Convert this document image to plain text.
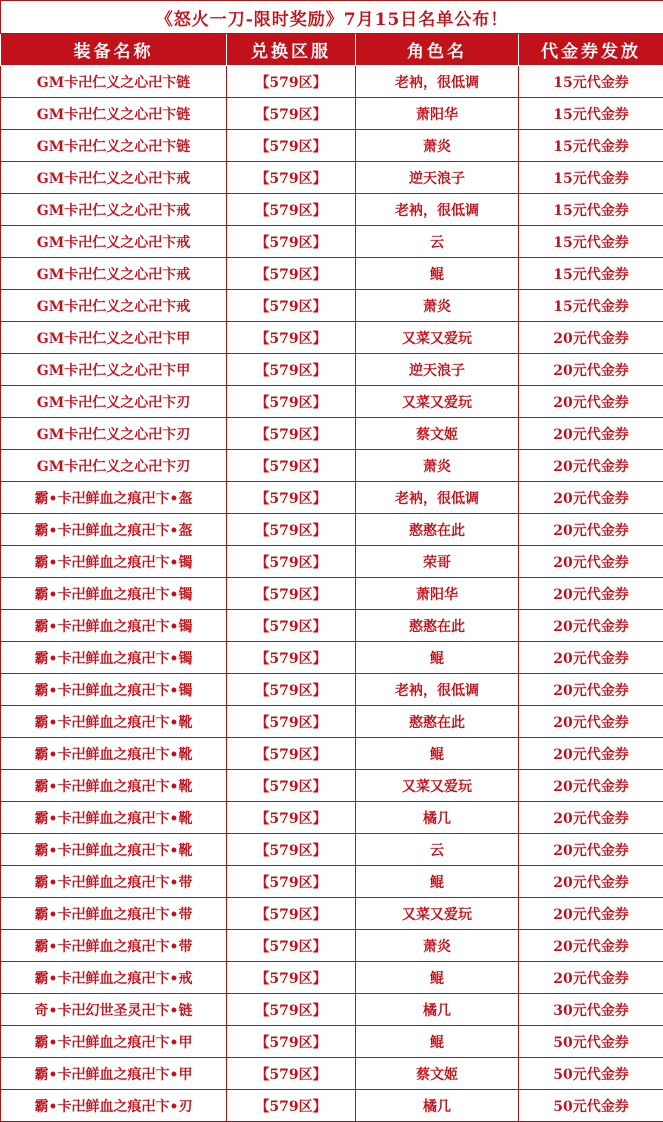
《怒火一刀-限时奖励》7月15日名单公布！			
装备名称	兑换区服	角色名	代金券发放
GM卡卍仁义之心卍卞链	【579区】	老衲，很低调	15元代金券
GM卡卍仁义之心卍卞链	【579区】	萧阳华	15元代金券
GM卡卍仁义之心卍卞链	【579区】	萧炎	15元代金券
GM卡卍仁义之心卍卞戒	【579区】	逆天浪子	15元代金券
GM卡卍仁义之心卍卞戒	【579区】	老衲，很低调	15元代金券
GM卡卍仁义之心卍卞戒	【579区】	云	15元代金券
GM卡卍仁义之心卍卞戒	【579区】	鲲	15元代金券
GM卡卍仁义之心卍卞戒	【579区】	萧炎	15元代金券
GM卡卍仁义之心卍卞甲	【579区】	又菜又爱玩	20元代金券
GM卡卍仁义之心卍卞甲	【579区】	逆天浪子	20元代金券
GM卡卍仁义之心卍卞刃	【579区】	又菜又爱玩	20元代金券
GM卡卍仁义之心卍卞刃	【579区】	蔡文姬	20元代金券
GM卡卍仁义之心卍卞刃	【579区】	萧炎	20元代金券
霸•卡卍鲜血之痕卍卞•盔	【579区】	老衲，很低调	20元代金券
霸•卡卍鲜血之痕卍卞•盔	【579区】	憨憨在此	20元代金券
霸•卡卍鲜血之痕卍卞•镯	【579区】	荣哥	20元代金券
霸•卡卍鲜血之痕卍卞•镯	【579区】	萧阳华	20元代金券
霸•卡卍鲜血之痕卍卞•镯	【579区】	憨憨在此	20元代金券
霸•卡卍鲜血之痕卍卞•镯	【579区】	鲲	20元代金券
霸•卡卍鲜血之痕卍卞•镯	【579区】	老衲，很低调	20元代金券
霸•卡卍鲜血之痕卍卞•靴	【579区】	憨憨在此	20元代金券
霸•卡卍鲜血之痕卍卞•靴	【579区】	鲲	20元代金券
霸•卡卍鲜血之痕卍卞•靴	【579区】	又菜又爱玩	20元代金券
霸•卡卍鲜血之痕卍卞•靴	【579区】	橘几	20元代金券
霸•卡卍鲜血之痕卍卞•靴	【579区】	云	20元代金券
霸•卡卍鲜血之痕卍卞•带	【579区】	鲲	20元代金券
霸•卡卍鲜血之痕卍卞•带	【579区】	又菜又爱玩	20元代金券
霸•卡卍鲜血之痕卍卞•带	【579区】	萧炎	20元代金券
霸•卡卍鲜血之痕卍卞•戒	【579区】	鲲	20元代金券
奇•卡卍幻世圣灵卍卞•链	【579区】	橘几	30元代金券
霸•卡卍鲜血之痕卍卞•甲	【579区】	鲲	50元代金券
霸•卡卍鲜血之痕卍卞•甲	【579区】	蔡文姬	50元代金券
霸•卡卍鲜血之痕卍卞•刃	【579区】	橘几	50元代金券
